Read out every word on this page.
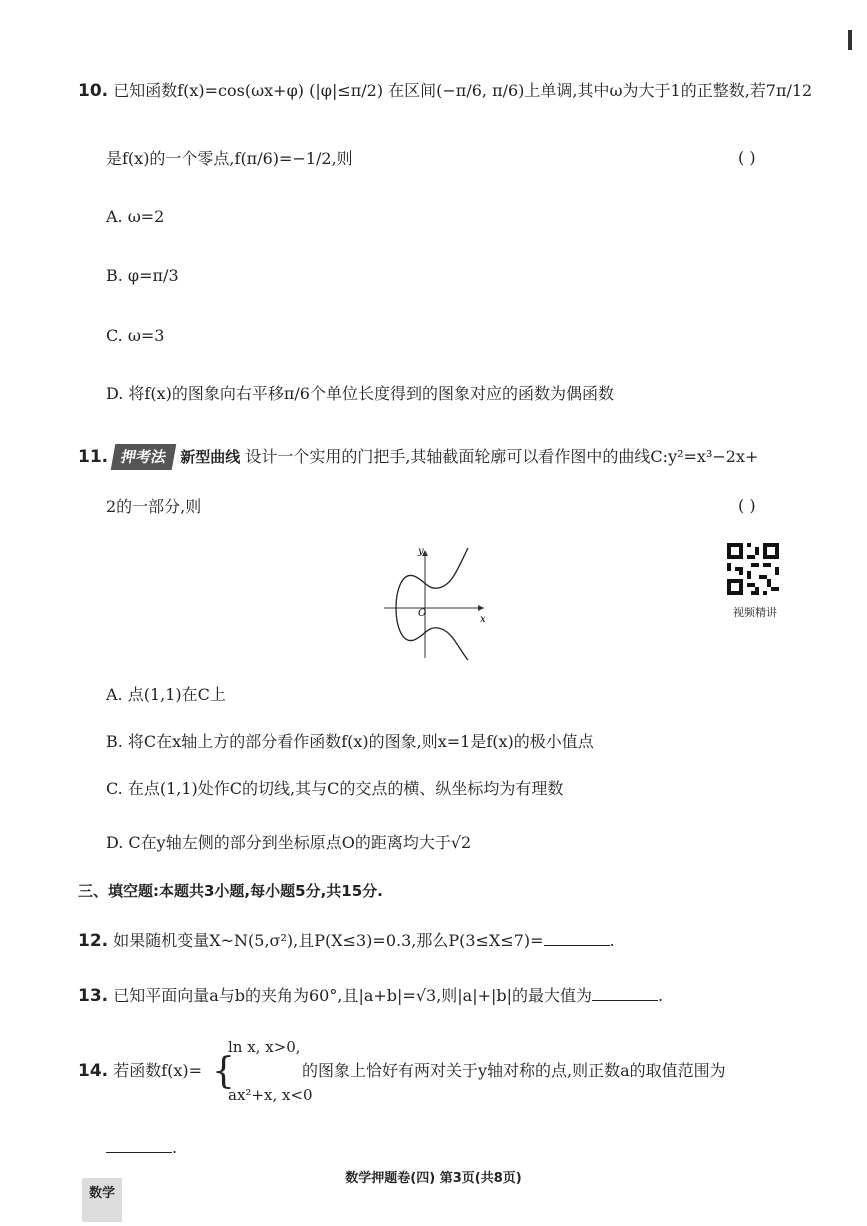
10. 已知函数f(x)=cos(ωx+φ) (|φ|≤π/2) 在区间(−π/6, π/6)上单调,其中ω为大于1的正整数,若7π/12
是f(x)的一个零点,f(π/6)=−1/2,则	( )
A. ω=2
B. φ=π/3
C. ω=3
D. 将f(x)的图象向右平移π/6个单位长度得到的图象对应的函数为偶函数
11. 押考法 新型曲线 设计一个实用的门把手,其轴截面轮廓可以看作图中的曲线C:y²=x³−2x+
2的一部分,则	( )
O
y
x
视频精讲
A. 点(1,1)在C上
B. 将C在x轴上方的部分看作函数f(x)的图象,则x=1是f(x)的极小值点
C. 在点(1,1)处作C的切线,其与C的交点的横、纵坐标均为有理数
D. C在y轴左侧的部分到坐标原点O的距离均大于√2
三、填空题:本题共3小题,每小题5分,共15分.
12. 如果随机变量X~N(5,σ²),且P(X≤3)=0.3,那么P(3≤X≤7)=	.
13. 已知平面向量a与b的夹角为60°,且|a+b|=√3,则|a|+|b|的最大值为	.
14. 若函数f(x)= {
ln x, x>0,
ax²+x, x<0
的图象上恰好有两对关于y轴对称的点,则正数a的取值范围为
.
数学押题卷(四) 第3页(共8页)
数学
